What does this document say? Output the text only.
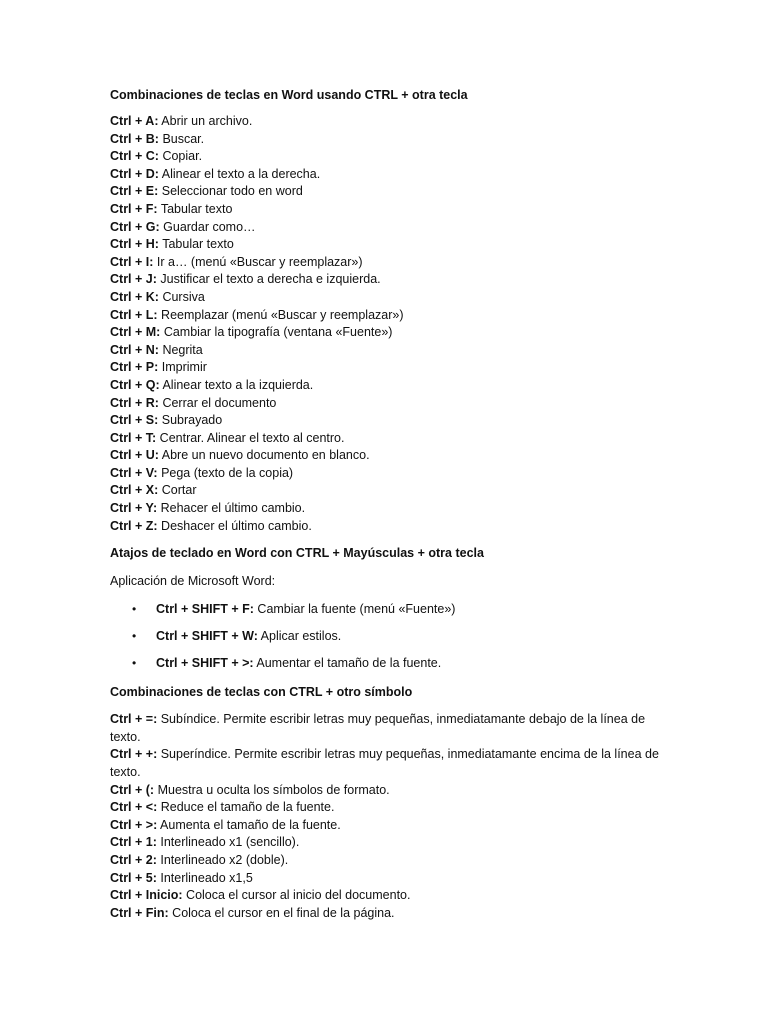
Combinaciones de teclas en Word usando CTRL + otra tecla

Ctrl + A: Abrir un archivo.
Ctrl + B: Buscar.
Ctrl + C: Copiar.
Ctrl + D: Alinear el texto a la derecha.
Ctrl + E: Seleccionar todo en word
Ctrl + F: Tabular texto
Ctrl + G: Guardar como…
Ctrl + H: Tabular texto
Ctrl + I: Ir a… (menú «Buscar y reemplazar»)
Ctrl + J: Justificar el texto a derecha e izquierda.
Ctrl + K: Cursiva
Ctrl + L: Reemplazar (menú «Buscar y reemplazar»)
Ctrl + M: Cambiar la tipografía (ventana «Fuente»)
Ctrl + N: Negrita
Ctrl + P: Imprimir
Ctrl + Q: Alinear texto a la izquierda.
Ctrl + R: Cerrar el documento
Ctrl + S: Subrayado
Ctrl + T: Centrar. Alinear el texto al centro.
Ctrl + U: Abre un nuevo documento en blanco.
Ctrl + V: Pega (texto de la copia)
Ctrl + X: Cortar
Ctrl + Y: Rehacer el último cambio.
Ctrl + Z: Deshacer el último cambio.

Atajos de teclado en Word con CTRL + Mayúsculas + otra tecla

Aplicación de Microsoft Word:

• Ctrl + SHIFT + F: Cambiar la fuente (menú «Fuente»)
• Ctrl + SHIFT + W: Aplicar estilos.
• Ctrl + SHIFT + >: Aumentar el tamaño de la fuente.

Combinaciones de teclas con CTRL + otro símbolo

Ctrl + =: Subíndice. Permite escribir letras muy pequeñas, inmediatamante debajo de la línea de texto.
Ctrl + +: Superíndice. Permite escribir letras muy pequeñas, inmediatamante encima de la línea de texto.
Ctrl + (: Muestra u oculta los símbolos de formato.
Ctrl + <: Reduce el tamaño de la fuente.
Ctrl + >: Aumenta el tamaño de la fuente.
Ctrl + 1: Interlineado x1 (sencillo).
Ctrl + 2: Interlineado x2 (doble).
Ctrl + 5: Interlineado x1,5
Ctrl + Inicio: Coloca el cursor al inicio del documento.
Ctrl + Fin: Coloca el cursor en el final de la página.
